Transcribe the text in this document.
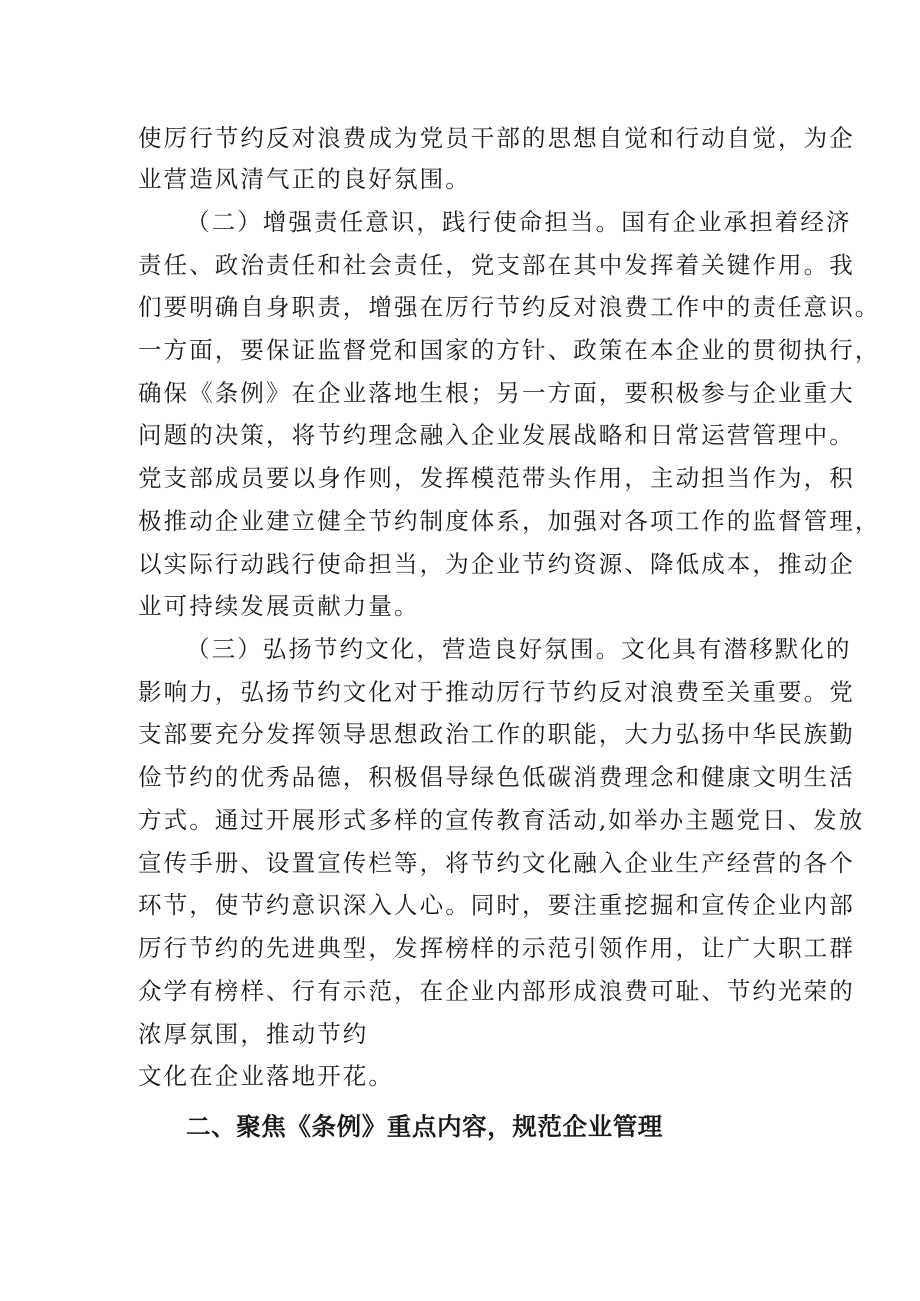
使厉行节约反对浪费成为党员干部的思想自觉和行动自觉，为企
业营造风清气正的良好氛围。
（二）增强责任意识，践行使命担当。国有企业承担着经济
责任、政治责任和社会责任，党支部在其中发挥着关键作用。我
们要明确自身职责，增强在厉行节约反对浪费工作中的责任意识。
一方面，要保证监督党和国家的方针、政策在本企业的贯彻执行，
确保《条例》在企业落地生根；另一方面，要积极参与企业重大
问题的决策，将节约理念融入企业发展战略和日常运营管理中。
党支部成员要以身作则，发挥模范带头作用，主动担当作为，积
极推动企业建立健全节约制度体系，加强对各项工作的监督管理，
以实际行动践行使命担当，为企业节约资源、降低成本，推动企
业可持续发展贡献力量。
（三）弘扬节约文化，营造良好氛围。文化具有潜移默化的
影响力，弘扬节约文化对于推动厉行节约反对浪费至关重要。党
支部要充分发挥领导思想政治工作的职能，大力弘扬中华民族勤
俭节约的优秀品德，积极倡导绿色低碳消费理念和健康文明生活
方式。通过开展形式多样的宣传教育活动,如举办主题党日、发放
宣传手册、设置宣传栏等，将节约文化融入企业生产经营的各个
环节，使节约意识深入人心。同时，要注重挖掘和宣传企业内部
厉行节约的先进典型，发挥榜样的示范引领作用，让广大职工群
众学有榜样、行有示范，在企业内部形成浪费可耻、节约光荣的
浓厚氛围，推动节约
文化在企业落地开花。
二、聚焦《条例》重点内容，规范企业管理
